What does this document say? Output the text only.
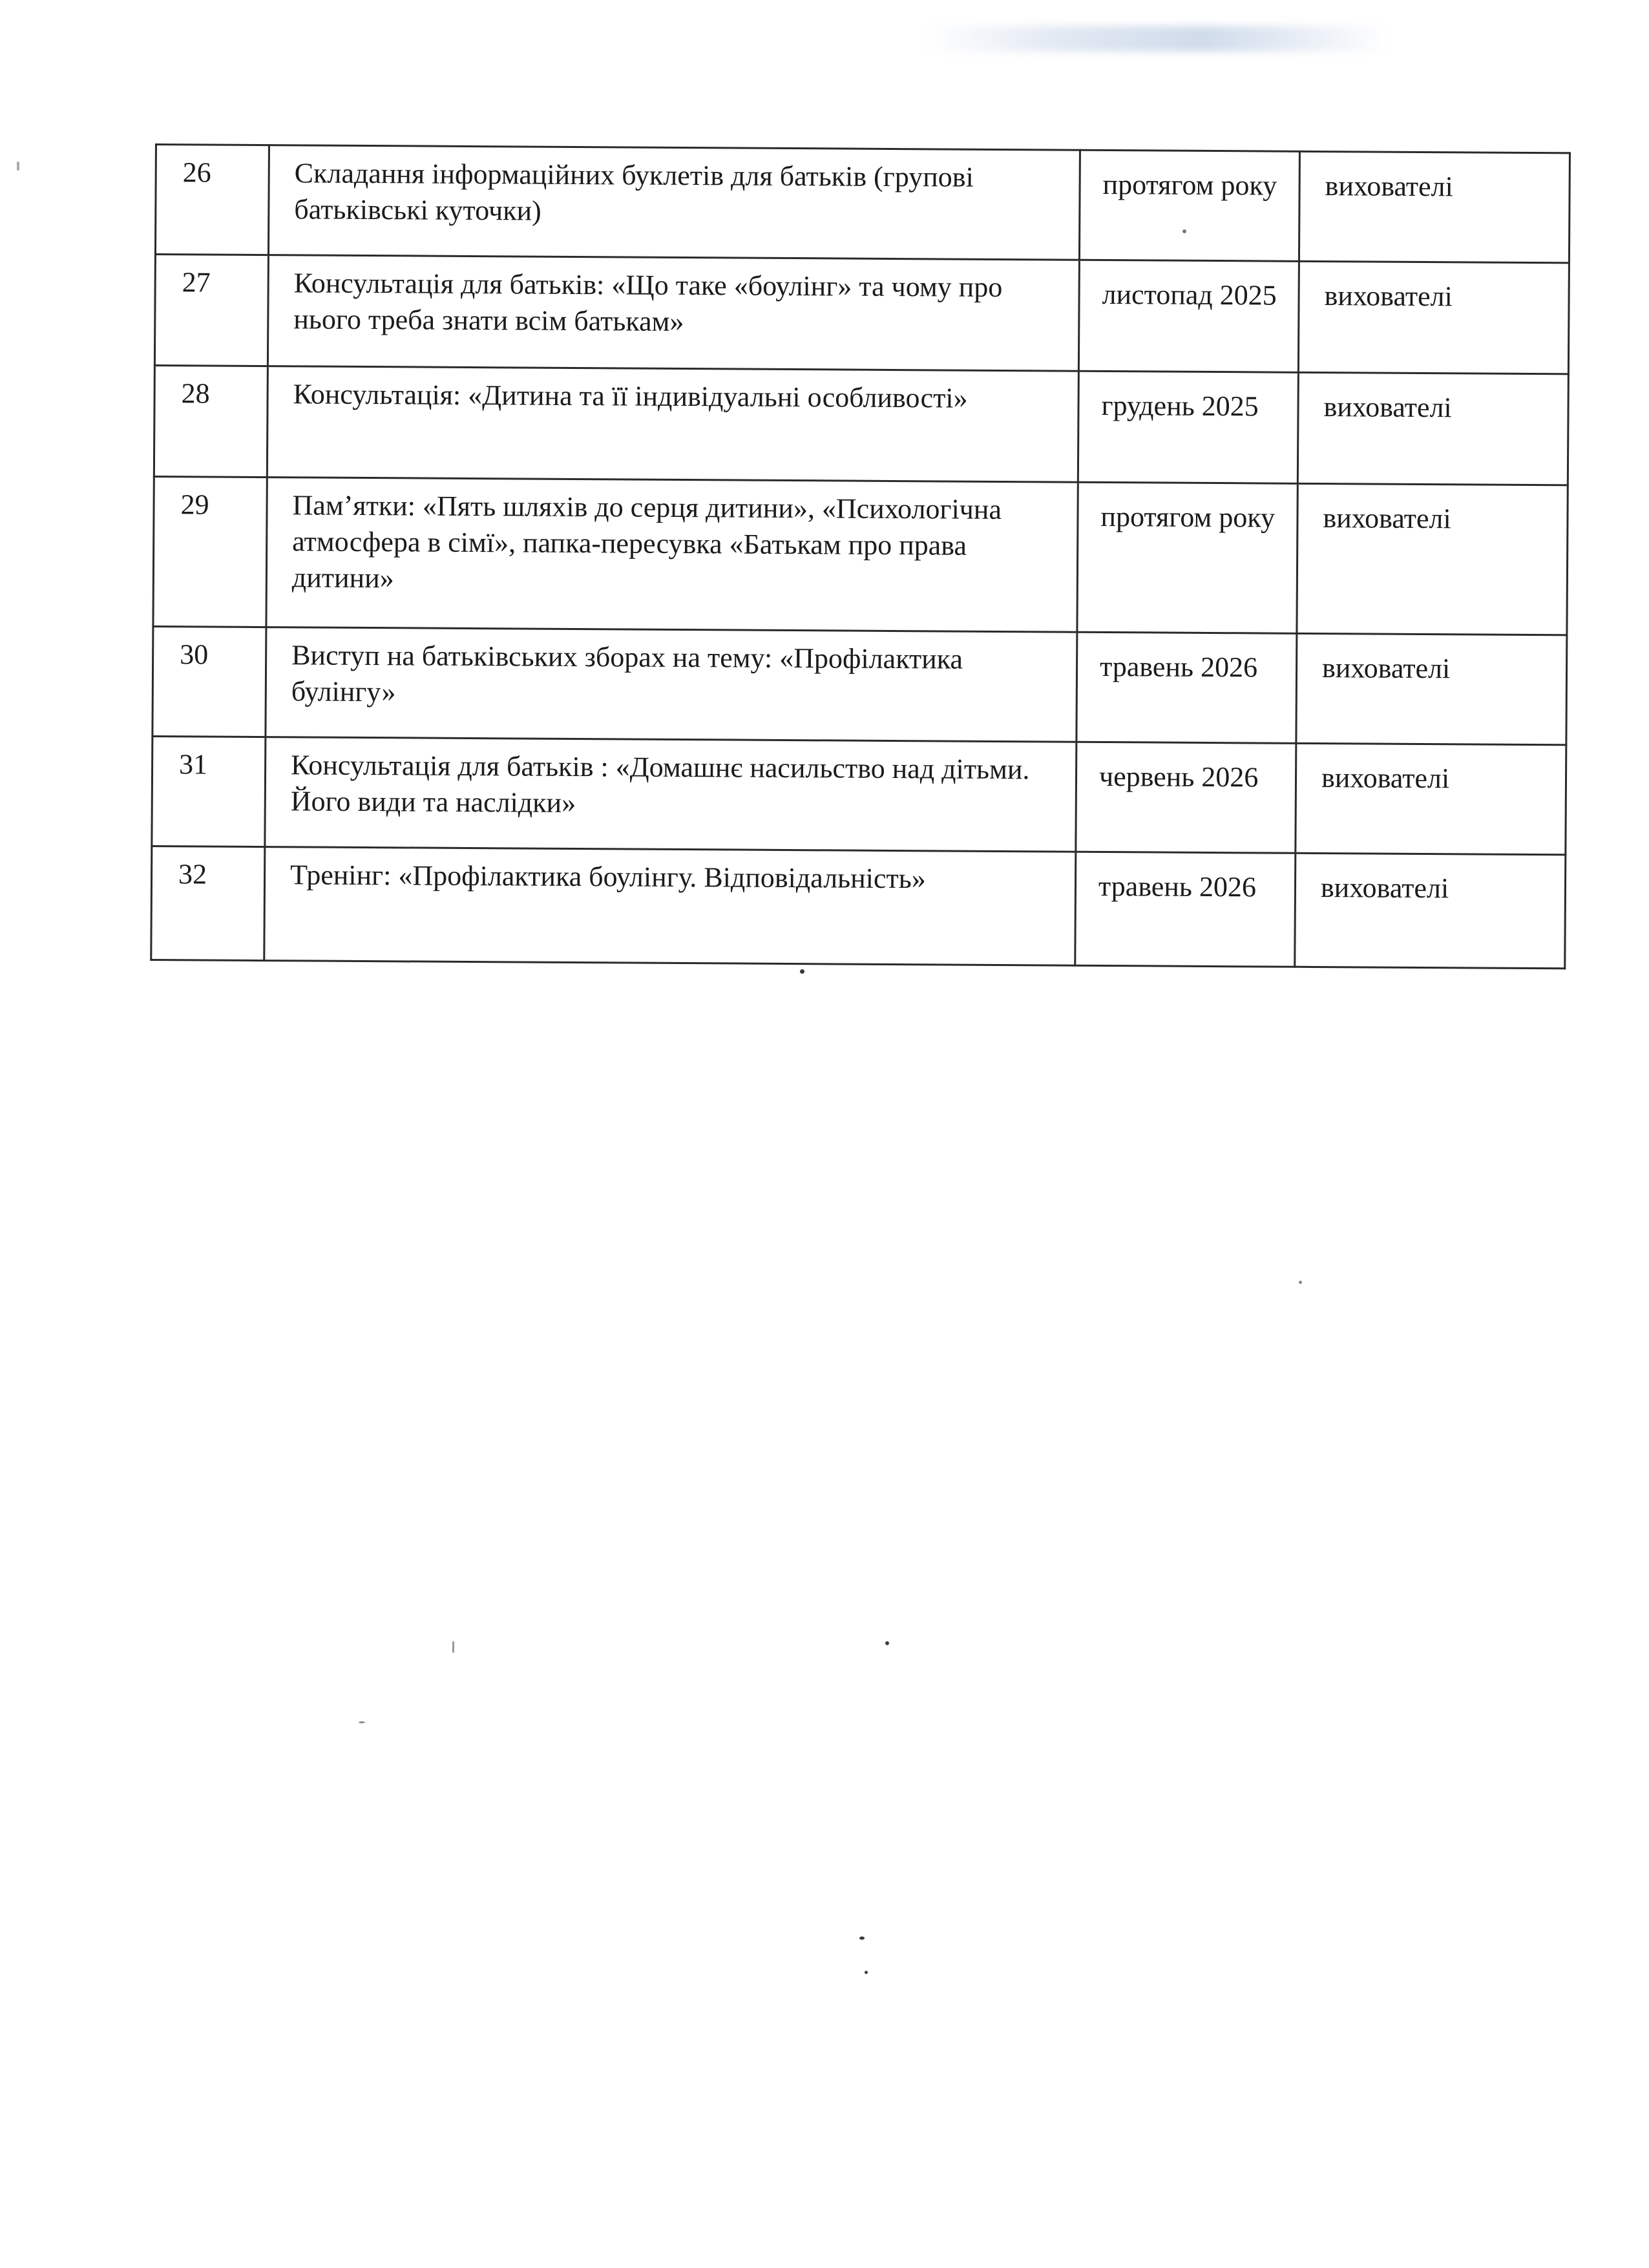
26	Складання інформаційних буклетів для батьків (групові батьківські куточки)	протягом року	вихователі
27	Консультація для батьків: «Що таке «боулінг» та чому про нього треба знати всім батькам»	листопад 2025	вихователі
28	Консультація: «Дитина та її індивідуальні особливості»	грудень 2025	вихователі
29	Пам’ятки: «Пять шляхів до серця дитини», «Психологічна атмосфера в сімї», папка-пересувка «Батькам про права дитини»	протягом року	вихователі
30	Виступ на батьківських зборах на тему: «Профілактика булінгу»	травень 2026	вихователі
31	Консультація для батьків : «Домашнє насильство над дітьми. Його види та наслідки»	червень 2026	вихователі
32	Тренінг: «Профілактика боулінгу. Відповідальність»	травень 2026	вихователі
